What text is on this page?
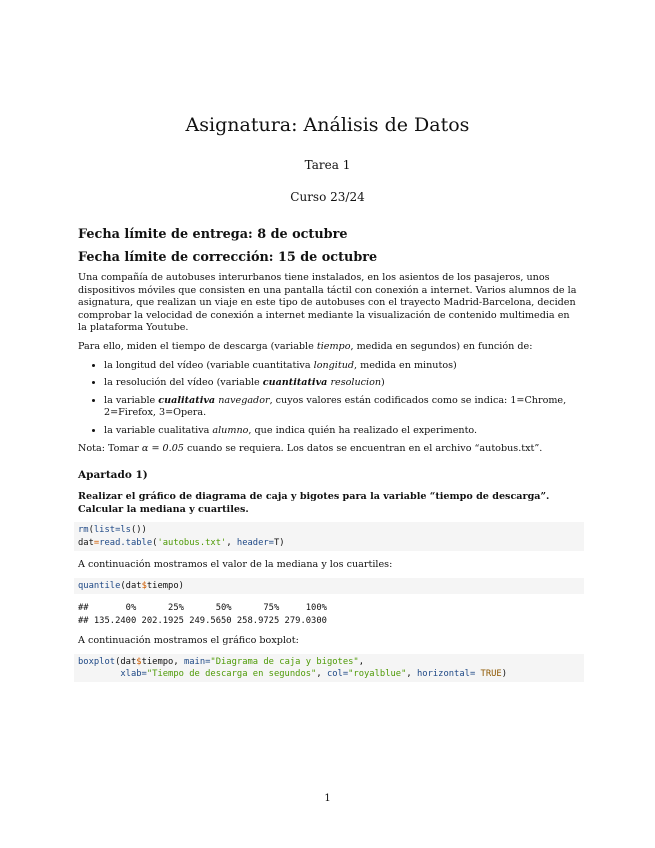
Asignatura: Análisis de Datos
Tarea 1
Curso 23/24
Fecha límite de entrega: 8 de octubre
Fecha límite de corrección: 15 de octubre

Una compañía de autobuses interurbanos tiene instalados, en los asientos de los pasajeros, unos dispositivos móviles que consisten en una pantalla táctil con conexión a internet. Varios alumnos de la asignatura, que realizan un viaje en este tipo de autobuses con el trayecto Madrid-Barcelona, deciden comprobar la velocidad de conexión a internet mediante la visualización de contenido multimedia en la plataforma Youtube.

Para ello, miden el tiempo de descarga (variable tiempo, medida en segundos) en función de:

• la longitud del vídeo (variable cuantitativa longitud, medida en minutos)
• la resolución del vídeo (variable cuantitativa resolucion)
• la variable cualitativa navegador, cuyos valores están codificados como se indica: 1=Chrome, 2=Firefox, 3=Opera.
• la variable cualitativa alumno, que indica quién ha realizado el experimento.

Nota: Tomar α = 0.05 cuando se requiera. Los datos se encuentran en el archivo “autobus.txt”.

Apartado 1)

Realizar el gráfico de diagrama de caja y bigotes para la variable “tiempo de descarga”. Calcular la mediana y cuartiles.

rm(list=ls())
dat=read.table('autobus.txt', header=T)

A continuación mostramos el valor de la mediana y los cuartiles:

quantile(dat$tiempo)
##       0%      25%      50%      75%     100%
## 135.2400 202.1925 249.5650 258.9725 279.0300

A continuación mostramos el gráfico boxplot:

boxplot(dat$tiempo, main="Diagrama de caja y bigotes",
xlab="Tiempo de descarga en segundos", col="royalblue", horizontal= TRUE)
1
